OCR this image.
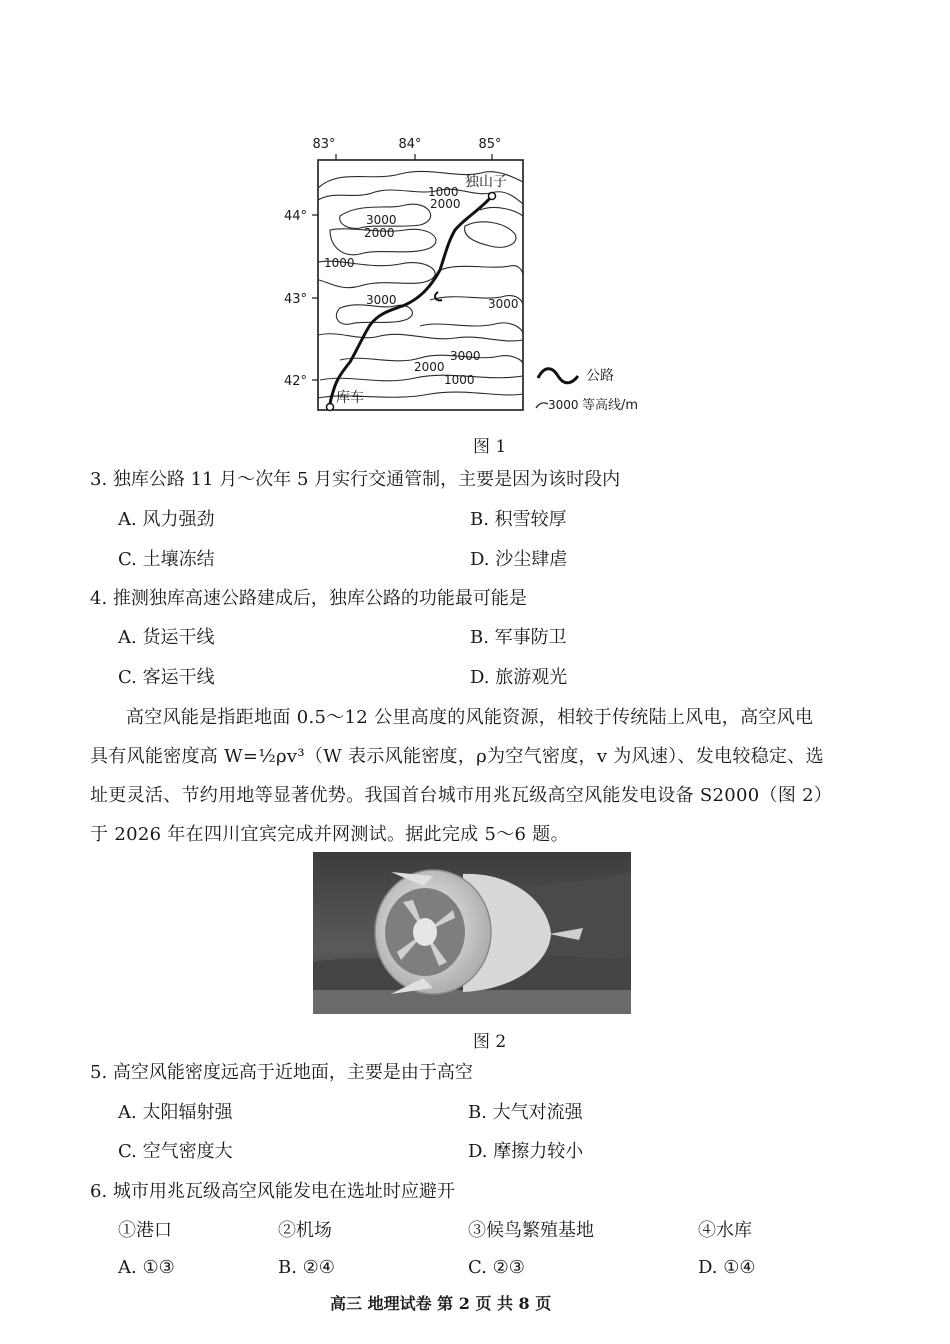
83°	84°	85°
44°
43°
42°
独山子
库车
1000
2000
3000
2000
1000
3000	3000
3000
2000
1000	公路
3000 等高线/m
图 1
3. 独库公路 11 月～次年 5 月实行交通管制，主要是因为该时段内
A. 风力强劲	B. 积雪较厚
C. 土壤冻结	D. 沙尘肆虐
4. 推测独库高速公路建成后，独库公路的功能最可能是
A. 货运干线	B. 军事防卫
C. 客运干线	D. 旅游观光
高空风能是指距地面 0.5～12 公里高度的风能资源，相较于传统陆上风电，高空风电
具有风能密度高 W=½ρv³（W 表示风能密度，ρ为空气密度，v 为风速）、发电较稳定、选
址更灵活、节约用地等显著优势。我国首台城市用兆瓦级高空风能发电设备 S2000（图 2）
于 2026 年在四川宜宾完成并网测试。据此完成 5～6 题。
图 2
5. 高空风能密度远高于近地面，主要是由于高空
A. 太阳辐射强	B. 大气对流强
C. 空气密度大	D. 摩擦力较小
6. 城市用兆瓦级高空风能发电在选址时应避开
①港口	②机场	③候鸟繁殖基地	④水库
A. ①③	B. ②④	C. ②③	D. ①④
高三 地理试卷 第 2 页 共 8 页
